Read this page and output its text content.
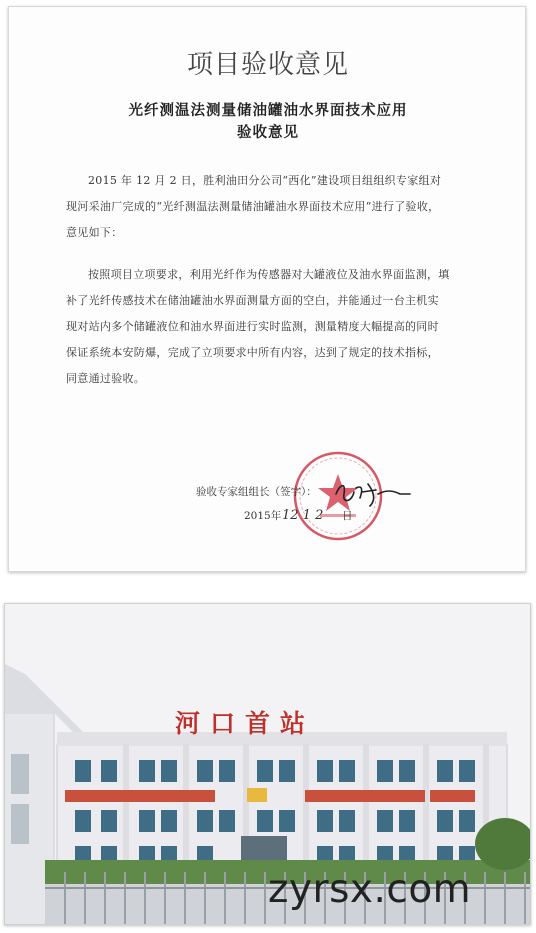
项目验收意见
光纤测温法测量储油罐油水界面技术应用
验收意见

2015 年 12 月 2 日，胜利油田分公司“西化”建设项目组组织专家组对现河采油厂完成的“光纤测温法测量储油罐油水界面技术应用”进行了验收，意见如下：

按照项目立项要求，利用光纤作为传感器对大罐液位及油水界面监测，填补了光纤传感技术在储油罐油水界面测量方面的空白，并能通过一台主机实现对站内多个储罐液位和油水界面进行实时监测，测量精度大幅提高的同时保证系统本安防爆，完成了立项要求中所有内容，达到了规定的技术指标，同意通过验收。

验收专家组组长（签字）：
2015年 12 1 2 日
河口首站
zyrsx.com
